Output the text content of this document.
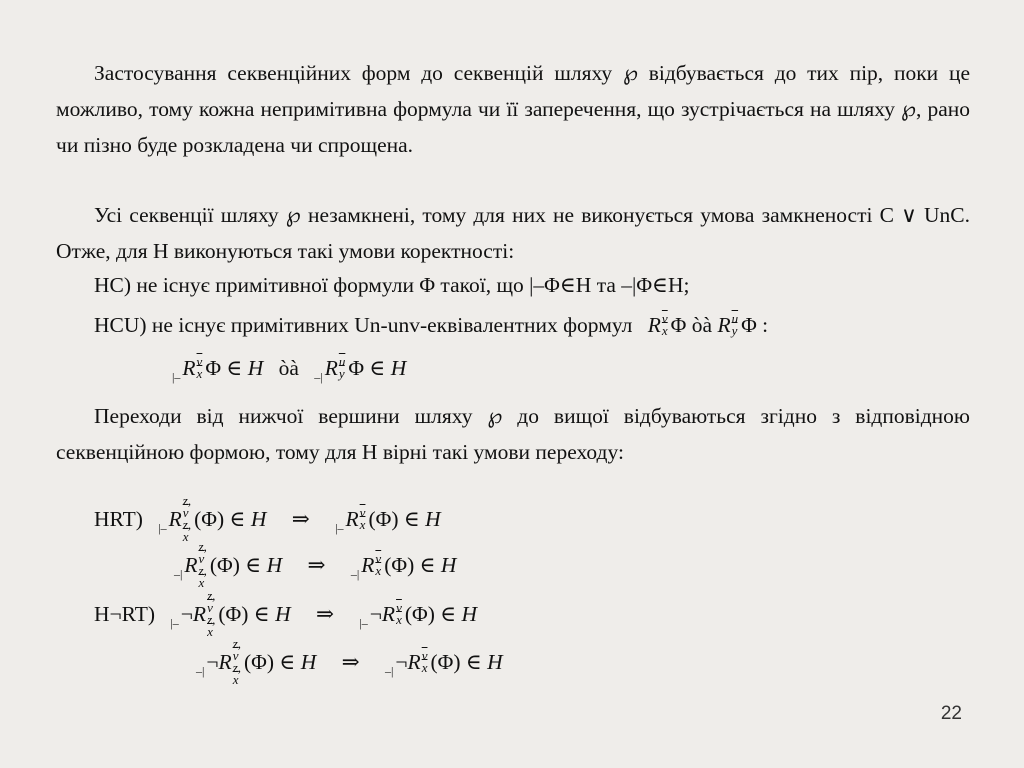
Застосування секвенційних форм до секвенцій шляху ℘ відбувається до тих пір, поки це можливо, тому кожна непримітивна формула чи її заперечення, що зустрічається на шляху ℘, рано чи пізно буде розкладена чи спрощена.
Усі секвенції шляху ℘ незамкнені, тому для них не виконується умова замкненості C ∨ UnC. Отже, для H виконуються такі умови коректності:
HC) не існує примітивної формули Φ такої, що |–Φ∈H та –|Φ∈H;
HCU) не існує примітивних Un-unv-еквівалентних формул R $\frac{\overline{v}}{x}$ Φ òà R $\frac{\overline{u}}{y}$ Φ :
$_{|-}R \frac{\overline{v}}{x}$ Φ ∈ H òà $_{-|}R \frac{\overline{u}}{y}$ Φ ∈ H
Переходи від нижчої вершини шляху ℘ до вищої відбуваються згідно з відповідною секвенційною формою, тому для H вірні такі умови переходу:
HRT) $_{|-}$R
z,
$\overline{v}$
z,
$\overline{x}$
(Φ) ∈ H ⇒ $_{|-}R \frac{\overline{v}}{x} (\Phi)$ ∈ H
$_{-|}$R
z,
$\overline{v}$
z,
$\overline{x}$
(Φ) ∈ H ⇒ $_{-|}R \frac{\overline{v}}{x} (\Phi)$ ∈ H
H¬RT) $_{|-}$¬R
z,
$\overline{v}$
z,
$\overline{x}$
(Φ) ∈ H ⇒ $_{|-}$¬R $\frac{\overline{v}}{x} (\Phi)$ ∈ H
$_{-|}$¬R
z,
$\overline{v}$
z,
$\overline{x}$
(Φ) ∈ H ⇒ $_{-|}$¬R $\frac{\overline{v}}{x} (\Phi)$ ∈ H
22
